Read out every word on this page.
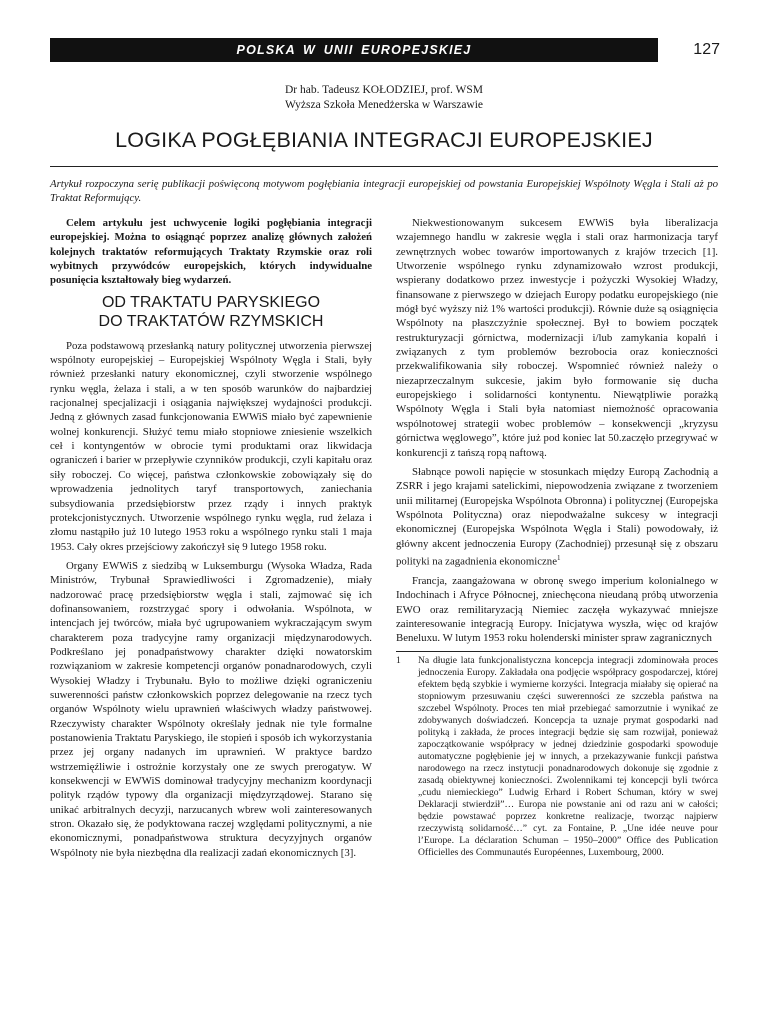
POLSKA W UNII EUROPEJSKIEJ	127
Dr hab. Tadeusz KOŁODZIEJ, prof. WSM
Wyższa Szkoła Menedżerska w Warszawie
LOGIKA POGŁĘBIANIA INTEGRACJI EUROPEJSKIEJ
Artykuł rozpoczyna serię publikacji poświęconą motywom pogłębiania integracji europejskiej od powstania Europejskiej Wspólnoty Węgla i Stali aż po Traktat Reformujący.

Celem artykułu jest uchwycenie logiki pogłębiania integracji europejskiej. Można to osiągnąć poprzez analizę głównych założeń kolejnych traktatów reformujących Traktaty Rzymskie oraz roli wybitnych przywódców europejskich, których indywidualne posunięcia kształtowały bieg wydarzeń.

OD TRAKTATU PARYSKIEGO
DO TRAKTATÓW RZYMSKICH

Poza podstawową przesłanką natury politycznej utworzenia pierwszej wspólnoty europejskiej – Europejskiej Wspólnoty Węgla i Stali, były również przesłanki natury ekonomicznej, czyli stworzenie wspólnego rynku węgla, żelaza i stali, a w ten sposób warunków do najbardziej racjonalnej specjalizacji i osiągania największej wydajności produkcji. Jedną z głównych zasad funkcjonowania EWWiS miało być zapewnienie wolnej konkurencji. Służyć temu miało stopniowe zniesienie wszelkich ceł i kontyngentów w obrocie tymi produktami oraz likwidacja ograniczeń i barier w przepływie czynników produkcji, czyli kapitału oraz siły roboczej. Co więcej, państwa członkowskie zobowiązały się do wprowadzenia jednolitych taryf transportowych, zaniechania subsydiowania przedsiębiorstw przez rządy i innych praktyk protekcjonistycznych. Utworzenie wspólnego rynku węgla, rud żelaza i złomu nastąpiło już 10 lutego 1953 roku a wspólnego rynku stali 1 maja 1953. Cały okres przejściowy zakończył się 9 lutego 1958 roku.

Organy EWWiS z siedzibą w Luksemburgu (Wysoka Władza, Rada Ministrów, Trybunał Sprawiedliwości i Zgromadzenie), miały nadzorować pracę przedsiębiorstw węgla i stali, zajmować się ich dofinansowaniem, rozstrzygać spory i odwołania. Wspólnota, w intencjach jej twórców, miała być ugrupowaniem wykraczającym swym charakterem poza tradycyjne ramy organizacji międzynarodowych. Podkreślano jej ponadpaństwowy charakter dzięki nowatorskim rozwiązaniom w zakresie kompetencji organów ponadnarodowych, czyli Wysokiej Władzy i Trybunału. Było to możliwe dzięki ograniczeniu suwerenności państw członkowskich poprzez delegowanie na rzecz tych organów Wspólnoty wielu uprawnień właściwych władzy państwowej. Rzeczywisty charakter Wspólnoty określały jednak nie tyle formalne postanowienia Traktatu Paryskiego, ile stopień i sposób ich wykorzystania przez jej organy nadanych im uprawnień. W praktyce bardzo wstrzemięźliwie i ostrożnie korzystały one ze swych prerogatyw. W konsekwencji w EWWiS dominował tradycyjny mechanizm koordynacji polityk rządów typowy dla organizacji międzyrządowej. Starano się unikać arbitralnych decyzji, narzucanych wbrew woli zainteresowanych stron. Okazało się, że podyktowana raczej względami politycznymi, a nie ekonomicznymi, ponadpaństwowa struktura decyzyjnych organów Wspólnoty nie była niezbędna dla realizacji zadań ekonomicznych [3].

Niekwestionowanym sukcesem EWWiS była liberalizacja wzajemnego handlu w zakresie węgla i stali oraz harmonizacja taryf zewnętrznych wobec towarów importowanych z krajów trzecich [1]. Utworzenie wspólnego rynku zdynamizowało wzrost produkcji, wspierany dodatkowo przez inwestycje i pożyczki Wysokiej Władzy, finansowane z pierwszego w dziejach Europy podatku europejskiego (nie mógł być wyższy niż 1% wartości produkcji). Równie duże są osiągnięcia Wspólnoty na płaszczyźnie społecznej. Był to bowiem początek restrukturyzacji górnictwa, modernizacji i/lub zamykania kopalń i związanych z tym problemów bezrobocia oraz konieczności przekwalifikowania siły roboczej. Wspomnieć również należy o niezaprzeczalnym sukcesie, jakim było formowanie się ducha europejskiego i solidarności kontynentu. Niewątpliwie porażką Wspólnoty Węgla i Stali była natomiast niemożność opracowania wspólnotowej strategii wobec problemów – konsekwencji „kryzysu górnictwa węglowego”, które już pod koniec lat 50.zaczęło przegrywać w konkurencji z tańszą ropą naftową.

Słabnące powoli napięcie w stosunkach między Europą Zachodnią a ZSRR i jego krajami satelickimi, niepowodzenia związane z tworzeniem unii militarnej (Europejska Wspólnota Obronna) i politycznej (Europejska Wspólnota Polityczna) oraz niepodważalne sukcesy w integracji ekonomicznej (Europejska Wspólnota Węgla i Stali) powodowały, iż główny akcent jednoczenia Europy (Zachodniej) przesunął się z obszaru polityki na zagadnienia ekonomiczne$^1$

Francja, zaangażowana w obronę swego imperium kolonialnego w Indochinach i Afryce Północnej, zniechęcona nieudaną próbą utworzenia EWO oraz remilitaryzacją Niemiec zaczęła wykazywać mniejsze zainteresowanie integracją Europy. Inicjatywa wyszła, więc od krajów Beneluxu. W lutym 1953 roku holenderski minister spraw zagranicznych

1	Na długie lata funkcjonalistyczna koncepcja integracji zdominowała proces jednoczenia Europy. Zakładała ona podjęcie współpracy gospodarczej, której efektem będą szybkie i wymierne korzyści. Integracja miałaby się opierać na stopniowym przesuwaniu części suwerenności ze szczebla państwa na szczebel Wspólnoty. Proces ten miał przebiegać samorzutnie i wynikać ze zdobywanych doświadczeń. Koncepcja ta uznaje prymat gospodarki nad polityką i zakłada, że proces integracji będzie się sam rozwijał, ponieważ zapoczątkowanie współpracy w jednej dziedzinie gospodarki spowoduje automatyczne pogłębienie jej w innych, a przekazywanie funkcji państwa narodowego na rzecz instytucji ponadnarodowych dokonuje się zgodnie z zasadą obiektywnej konieczności. Zwolennikami tej koncepcji byli twórca „cudu niemieckiego” Ludwig Erhard i Robert Schuman, który w swej Deklaracji stwierdził”… Europa nie powstanie ani od razu ani w całości; będzie powstawać poprzez konkretne realizacje, tworząc najpierw rzeczywistą solidarność…” cyt. za Fontaine, P. „Une idée neuve pour l’Europe. La déclaration Schuman – 1950–2000” Office des Publication Officielles des Communautés Européennes, Luxembourg, 2000.
